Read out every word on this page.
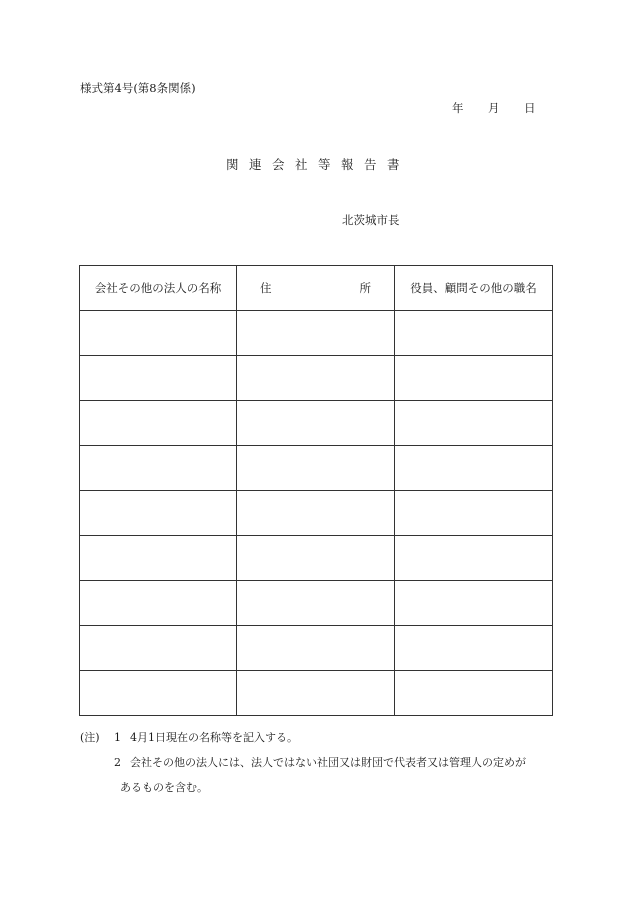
様式第4号(第8条関係)
年 月 日
関連会社等報告書
北茨城市長
会社その他の法人の名称	住 所	役員、顧問その他の職名

(注)	1 4月1日現在の名称等を記入する。
2 会社その他の法人には、法人ではない社団又は財団で代表者又は管理人の定めが
あるものを含む。
